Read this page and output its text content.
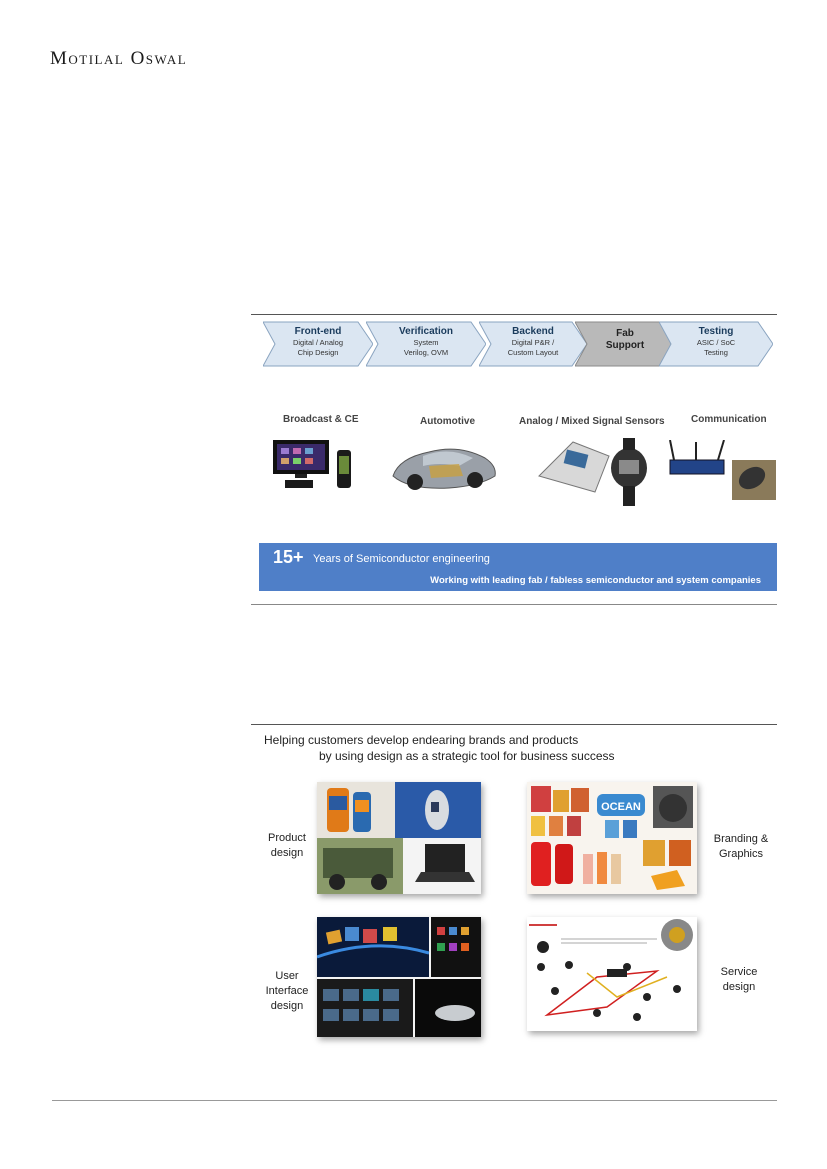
Motilal Oswal
Front-end
Digital / Analog
Chip Design
Verification
System
Verilog, OVM
Backend
Digital P&R /
Custom Layout
Fab
Support
Testing
ASIC / SoC
Testing
Broadcast & CE	Automotive	Analog / Mixed Signal Sensors	Communication
15+ Years of Semiconductor engineering
Working with leading fab / fabless semiconductor and system companies
Helping customers develop endearing brands and products
by using design as a strategic tool for business success
Product
design
Branding &
Graphics
User
Interface
design
Service
design
OCEAN
